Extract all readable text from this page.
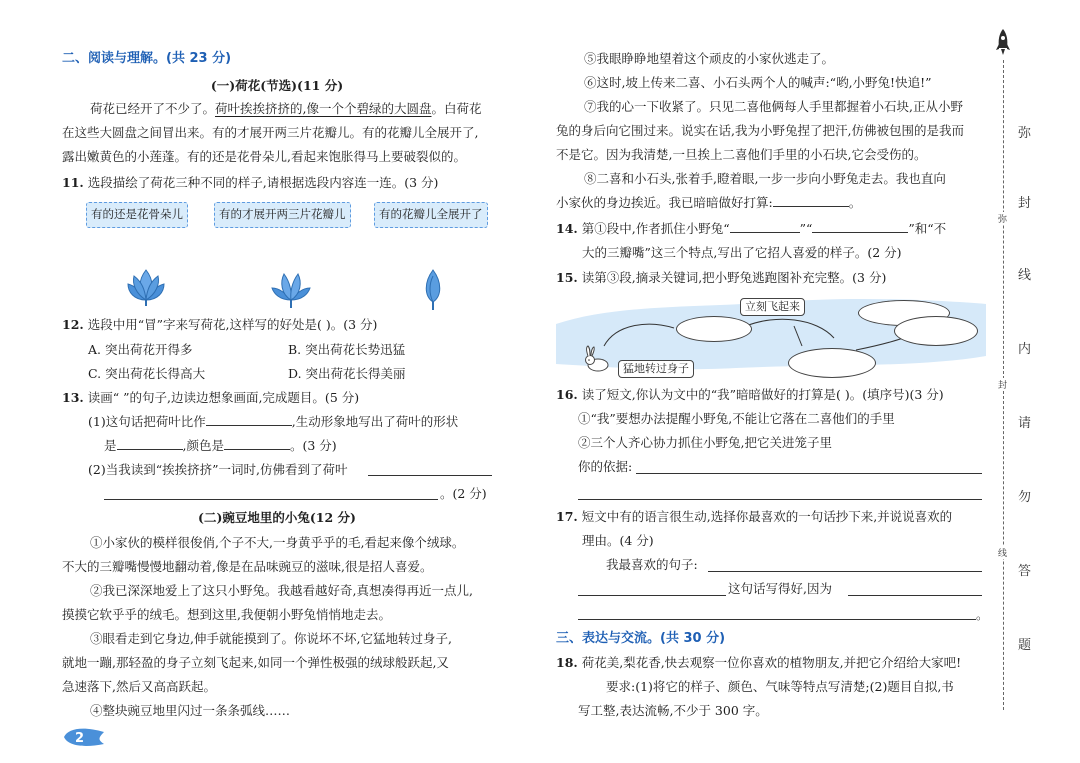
二、阅读与理解。(共 23 分)
(一)荷花(节选)(11 分)
荷花已经开了不少了。荷叶挨挨挤挤的,像一个个碧绿的大圆盘。白荷花
在这些大圆盘之间冒出来。有的才展开两三片花瓣儿。有的花瓣儿全展开了,
露出嫩黄色的小莲蓬。有的还是花骨朵儿,看起来饱胀得马上要破裂似的。
11. 选段描绘了荷花三种不同的样子,请根据选段内容连一连。(3 分)
有的还是花骨朵儿	有的才展开两三片花瓣儿	有的花瓣儿全展开了
12. 选段中用“冒”字来写荷花,这样写的好处是( )。(3 分)
A. 突出荷花开得多	B. 突出荷花长势迅猛
C. 突出荷花长得高大	D. 突出荷花长得美丽
13. 读画“ ”的句子,边读边想象画面,完成题目。(5 分)
(1)这句话把荷叶比作	,生动形象地写出了荷叶的形状
是	,颜色是	。(3 分)
(2)当我读到“挨挨挤挤”一词时,仿佛看到了荷叶
。(2 分)
(二)豌豆地里的小兔(12 分)
①小家伙的模样很俊俏,个子不大,一身黄乎乎的毛,看起来像个绒球。
不大的三瓣嘴慢慢地翻动着,像是在品味豌豆的滋味,很是招人喜爱。
②我已深深地爱上了这只小野兔。我越看越好奇,真想凑得再近一点儿,
摸摸它软乎乎的绒毛。想到这里,我便朝小野兔悄悄地走去。
③眼看走到它身边,伸手就能摸到了。你说坏不坏,它猛地转过身子,
就地一蹦,那轻盈的身子立刻飞起来,如同一个弹性极强的绒球般跃起,又
急速落下,然后又高高跃起。
④整块豌豆地里闪过一条条弧线……
2
⑤我眼睁睁地望着这个顽皮的小家伙逃走了。
⑥这时,坡上传来二喜、小石头两个人的喊声:“哟,小野兔!快追!”
⑦我的心一下收紧了。只见二喜他俩每人手里都握着小石块,正从小野
兔的身后向它围过来。说实在话,我为小野兔捏了把汗,仿佛被包围的是我而
不是它。因为我清楚,一旦挨上二喜他们手里的小石块,它会受伤的。
⑧二喜和小石头,张着手,瞪着眼,一步一步向小野兔走去。我也直向
小家伙的身边挨近。我已暗暗做好打算:	。
14. 第①段中,作者抓住小野兔“	”“	”和“不
大的三瓣嘴”这三个特点,写出了它招人喜爱的样子。(2 分)
15. 读第③段,摘录关键词,把小野兔逃跑图补充完整。(3 分)
立刻飞起来
猛地转过身子
16. 读了短文,你认为文中的“我”暗暗做好的打算是( )。(填序号)(3 分)
①“我”要想办法提醒小野兔,不能让它落在二喜他们的手里
②三个人齐心协力抓住小野兔,把它关进笼子里
你的依据:
17. 短文中有的语言很生动,选择你最喜欢的一句话抄下来,并说说喜欢的
理由。(4 分)
我最喜欢的句子:
这句话写得好,因为
。
三、表达与交流。(共 30 分)
18. 荷花美,梨花香,快去观察一位你喜欢的植物朋友,并把它介绍给大家吧!
要求:(1)将它的样子、颜色、气味等特点写清楚;(2)题目自拟,书
写工整,表达流畅,不少于 300 字。
弥
封
线
内
请
勿
答
题
弥
封
线
